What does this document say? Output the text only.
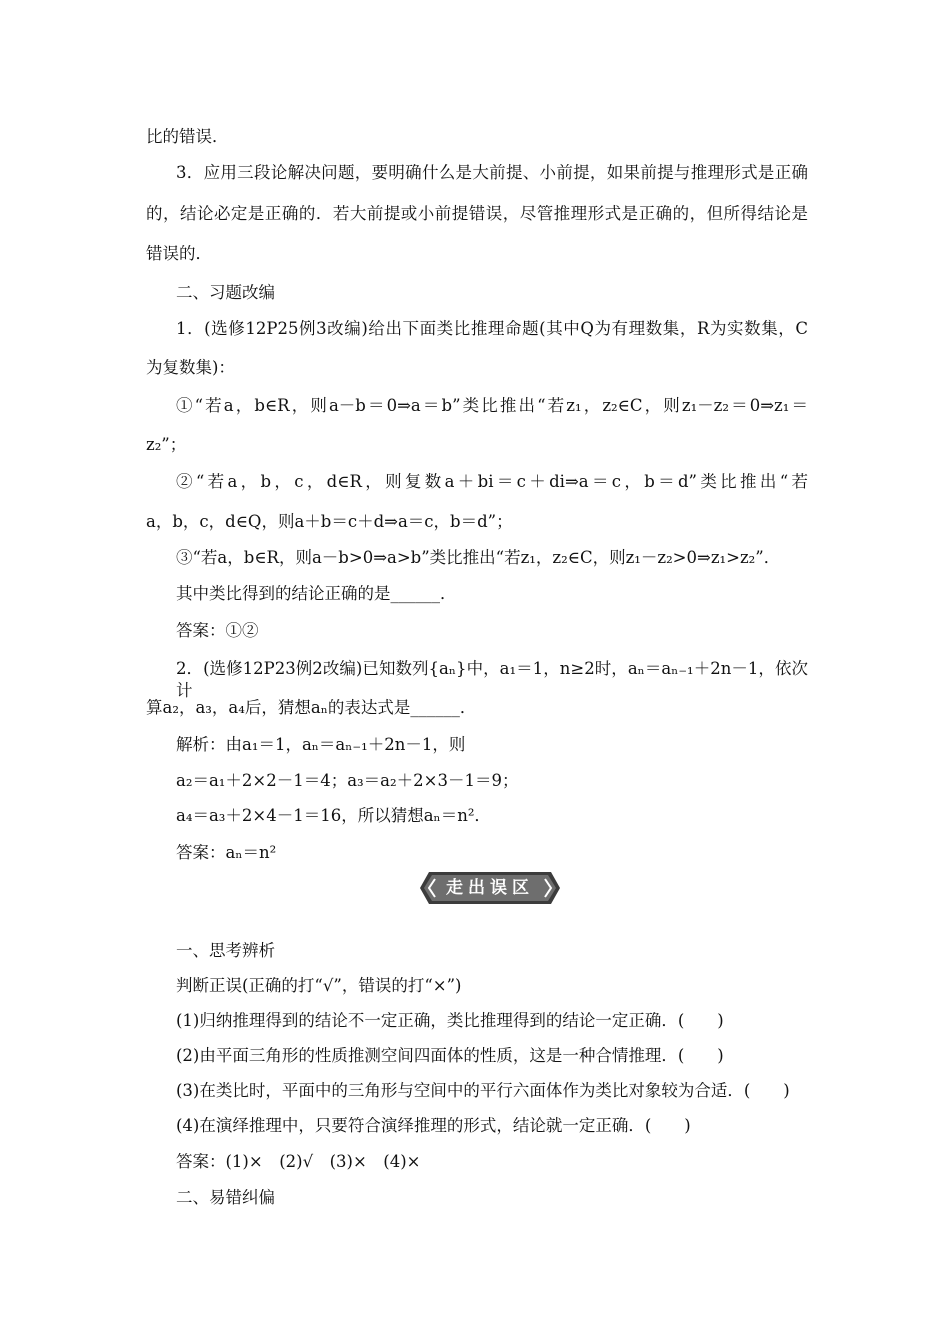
比的错误．
3．应用三段论解决问题，要明确什么是大前提、小前提，如果前提与推理形式是正确
的，结论必定是正确的．若大前提或小前提错误，尽管推理形式是正确的，但所得结论是
错误的．
二、习题改编
1．(选修12P25例3改编)给出下面类比推理命题(其中Q为有理数集，R为实数集，C
为复数集)：
①“若a，b∈R，则a－b＝0⇒a＝b”类比推出“若z₁，z₂∈C，则z₁－z₂＝0⇒z₁＝
z₂”；
②“若a，b，c，d∈R，则复数a＋bi＝c＋di⇒a＝c，b＝d”类比推出“若
a，b，c，d∈Q，则a＋b＝c＋d⇒a＝c，b＝d”；
③“若a，b∈R，则a－b>0⇒a>b”类比推出“若z₁，z₂∈C，则z₁－z₂>0⇒z₁>z₂”．
其中类比得到的结论正确的是______．
答案：①②
2．(选修12P23例2改编)已知数列{aₙ}中，a₁＝1，n≥2时，aₙ＝aₙ₋₁＋2n－1，依次计
算a₂，a₃，a₄后，猜想aₙ的表达式是______．
解析：由a₁＝1，aₙ＝aₙ₋₁＋2n－1，则
a₂＝a₁＋2×2－1＝4；a₃＝a₂＋2×3－1＝9；
a₄＝a₃＋2×4－1＝16，所以猜想aₙ＝n²．
答案：aₙ＝n²
走出误区
一、思考辨析
判断正误(正确的打“√”，错误的打“×”)
(1)归纳推理得到的结论不一定正确，类比推理得到的结论一定正确．(　　)
(2)由平面三角形的性质推测空间四面体的性质，这是一种合情推理．(　　)
(3)在类比时，平面中的三角形与空间中的平行六面体作为类比对象较为合适．(　　)
(4)在演绎推理中，只要符合演绎推理的形式，结论就一定正确．(　　)
答案：(1)×　(2)√　(3)×　(4)×
二、易错纠偏
